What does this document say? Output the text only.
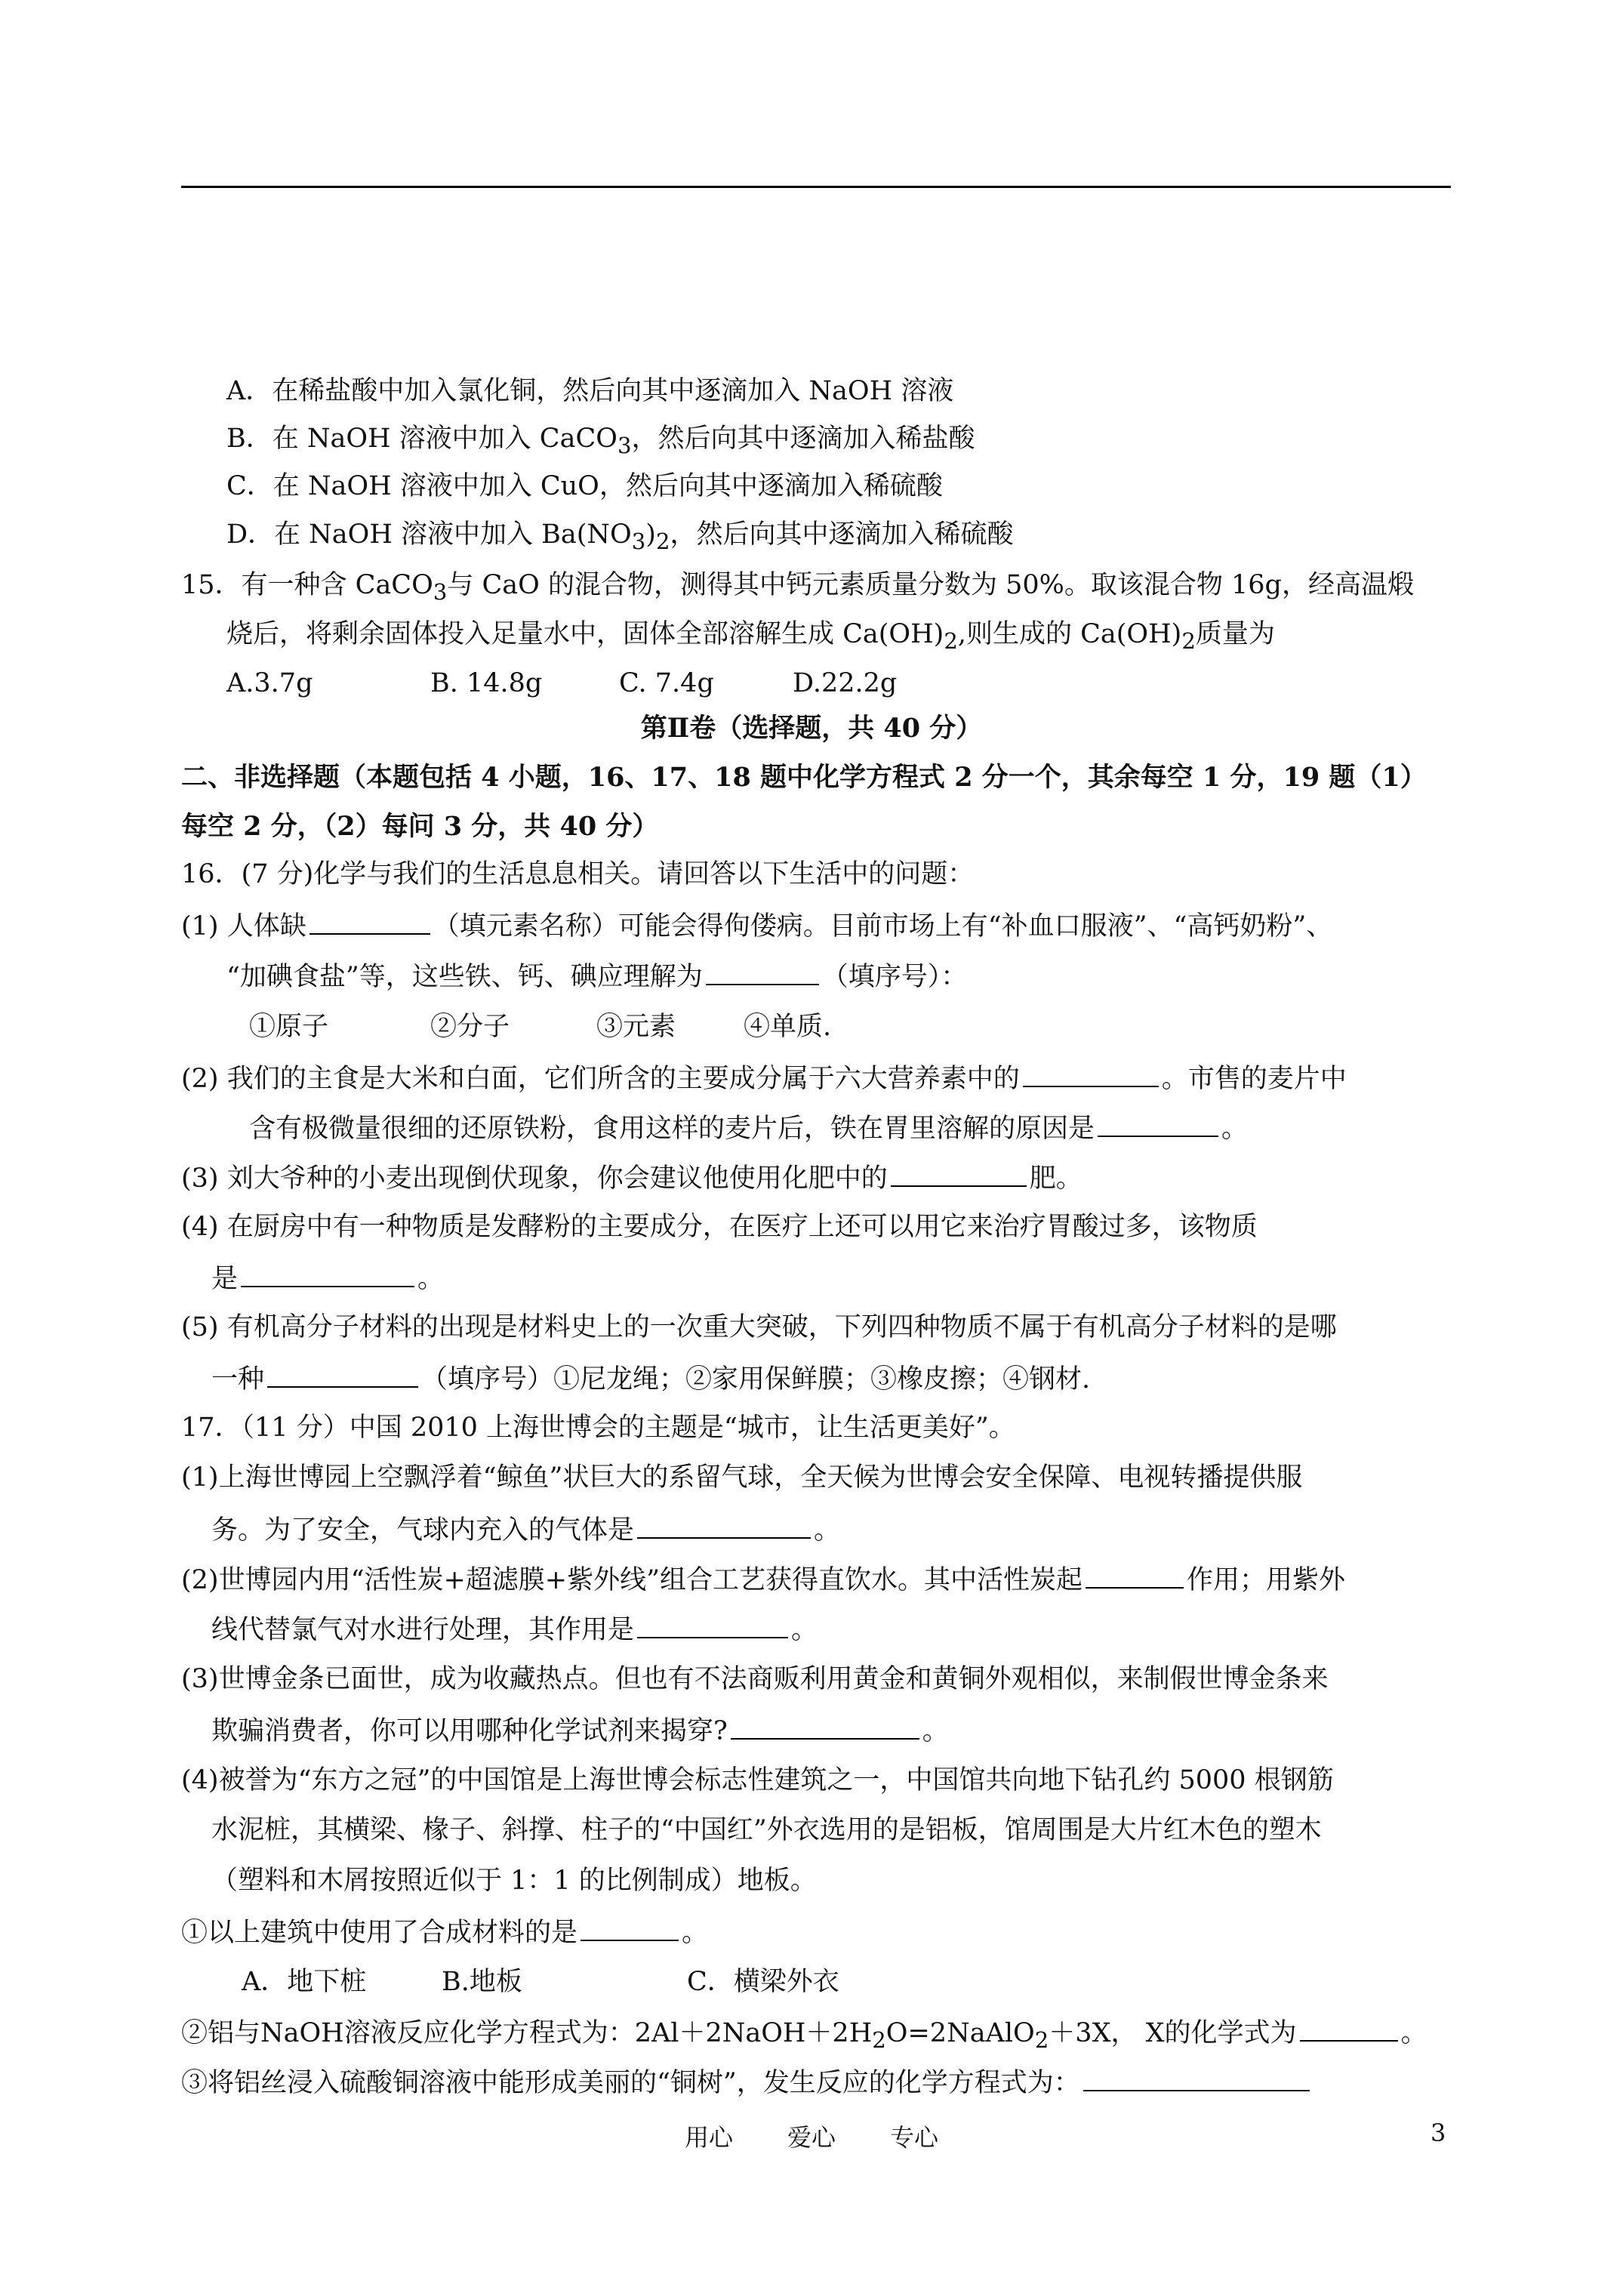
A．在稀盐酸中加入氯化铜，然后向其中逐滴加入 NaOH 溶液
B．在 NaOH 溶液中加入 CaCO$_3$，然后向其中逐滴加入稀盐酸
C．在 NaOH 溶液中加入 CuO，然后向其中逐滴加入稀硫酸
D．在 NaOH 溶液中加入 $Ba(NO_3)_2$，然后向其中逐滴加入稀硫酸
15．有一种含 CaCO$_3$与 CaO 的混合物，测得其中钙元素质量分数为 50%。取该混合物 16g，经高温煅
烧后，将剩余固体投入足量水中，固体全部溶解生成 $Ca(OH)_2$,则生成的 $Ca(OH)_2$质量为
A.3.7g	B. 14.8g	C. 7.4g	D.22.2g
第Ⅱ卷（选择题，共 40 分）
二、非选择题（本题包括 4 小题，16、17、18 题中化学方程式 2 分一个，其余每空 1 分，19 题（1）
每空 2 分，（2）每问 3 分，共 40 分）
16．(7 分)化学与我们的生活息息相关。请回答以下生活中的问题：
(1) 人体缺	（填元素名称）可能会得佝偻病。目前市场上有“补血口服液”、“高钙奶粉”、
“加碘食盐”等，这些铁、钙、碘应理解为	（填序号）：
①原子	②分子	③元素	④单质.
(2) 我们的主食是大米和白面，它们所含的主要成分属于六大营养素中的	。市售的麦片中
含有极微量很细的还原铁粉，食用这样的麦片后，铁在胃里溶解的原因是	。
(3) 刘大爷种的小麦出现倒伏现象，你会建议他使用化肥中的	肥。
(4) 在厨房中有一种物质是发酵粉的主要成分，在医疗上还可以用它来治疗胃酸过多，该物质
是	。
(5) 有机高分子材料的出现是材料史上的一次重大突破，下列四种物质不属于有机高分子材料的是哪
一种	（填序号）①尼龙绳；②家用保鲜膜；③橡皮擦；④钢材.
17．（11 分）中国 2010 上海世博会的主题是“城市，让生活更美好”。
(1)上海世博园上空飘浮着“鲸鱼”状巨大的系留气球，全天候为世博会安全保障、电视转播提供服
务。为了安全，气球内充入的气体是	。
(2)世博园内用“活性炭+超滤膜+紫外线”组合工艺获得直饮水。其中活性炭起	作用；用紫外
线代替氯气对水进行处理，其作用是	。
(3)世博金条已面世，成为收藏热点。但也有不法商贩利用黄金和黄铜外观相似，来制假世博金条来
欺骗消费者，你可以用哪种化学试剂来揭穿?	。
(4)被誉为“东方之冠”的中国馆是上海世博会标志性建筑之一，中国馆共向地下钻孔约 5000 根钢筋
水泥桩，其横梁、椽子、斜撑、柱子的“中国红”外衣选用的是铝板，馆周围是大片红木色的塑木
（塑料和木屑按照近似于 1：1 的比例制成）地板。
①以上建筑中使用了合成材料的是	。
A．地下桩	B.地板	C．横梁外衣
②铝与NaOH溶液反应化学方程式为：$2Al+2NaOH+2H_2O=2NaAlO_2+3X$， X的化学式为	。
③将铝丝浸入硫酸铜溶液中能形成美丽的“铜树”，发生反应的化学方程式为：
用心 爱心 专心	3
